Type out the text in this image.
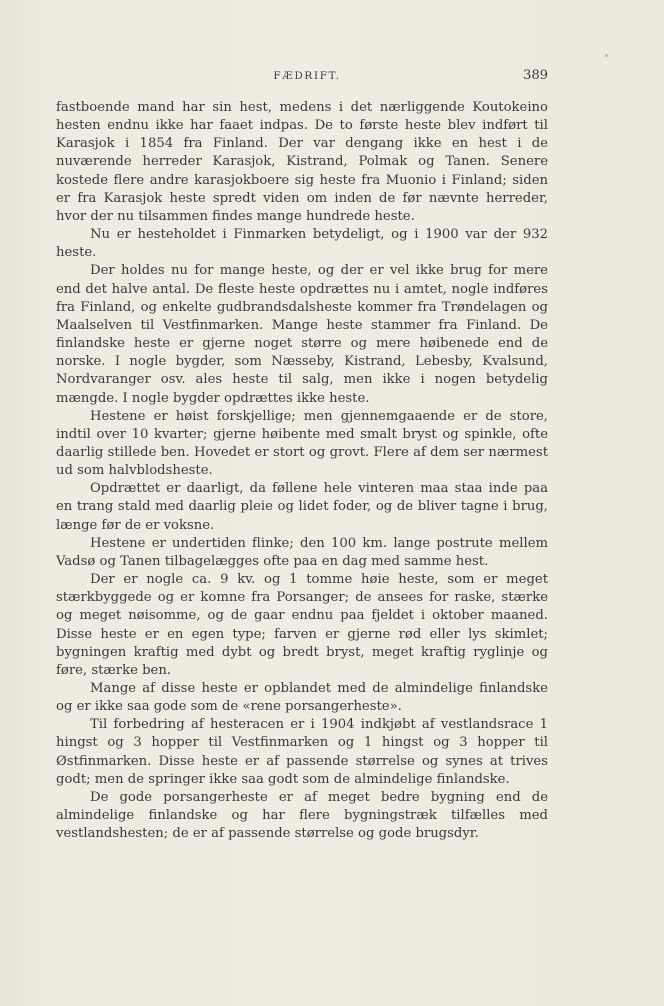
FÆDRIFT.	389

fastboende mand har sin hest, medens i det nærliggende Koutokeino hesten endnu ikke har faaet indpas. De to første heste blev indført til Karasjok i 1854 fra Finland. Der var dengang ikke en hest i de nuværende herreder Karasjok, Kistrand, Polmak og Tanen. Senere kostede flere andre karasjokboere sig heste fra Muonio i Finland; siden er fra Karasjok heste spredt viden om inden de før nævnte herreder, hvor der nu tilsammen findes mange hundrede heste.

Nu er hesteholdet i Finmarken betydeligt, og i 1900 var der 932 heste.

Der holdes nu for mange heste, og der er vel ikke brug for mere end det halve antal. De fleste heste opdrættes nu i amtet, nogle indføres fra Finland, og enkelte gudbrandsdalsheste kommer fra Trøndelagen og Maalselven til Vestfinmarken. Mange heste stammer fra Finland. De finlandske heste er gjerne noget større og mere høibenede end de norske. I nogle bygder, som Næsseby, Kistrand, Lebesby, Kvalsund, Nordvaranger osv. ales heste til salg, men ikke i nogen betydelig mængde. I nogle bygder opdrættes ikke heste.

Hestene er høist forskjellige; men gjennemgaaende er de store, indtil over 10 kvarter; gjerne høibente med smalt bryst og spinkle, ofte daarlig stillede ben. Hovedet er stort og grovt. Flere af dem ser nærmest ud som halvblodsheste.

Opdrættet er daarligt, da føllene hele vinteren maa staa inde paa en trang stald med daarlig pleie og lidet foder, og de bliver tagne i brug, længe før de er voksne.

Hestene er undertiden flinke; den 100 km. lange postrute mellem Vadsø og Tanen tilbagelægges ofte paa en dag med samme hest.

Der er nogle ca. 9 kv. og 1 tomme høie heste, som er meget stærkbyggede og er komne fra Porsanger; de ansees for raske, stærke og meget nøisomme, og de gaar endnu paa fjeldet i oktober maaned. Disse heste er en egen type; farven er gjerne rød eller lys skimlet; bygningen kraftig med dybt og bredt bryst, meget kraftig ryglinje og føre, stærke ben.

Mange af disse heste er opblandet med de almindelige finlandske og er ikke saa gode som de «rene porsangerheste».

Til forbedring af hesteracen er i 1904 indkjøbt af vestlandsrace 1 hingst og 3 hopper til Vestfinmarken og 1 hingst og 3 hopper til Østfinmarken. Disse heste er af passende størrelse og synes at trives godt; men de springer ikke saa godt som de almindelige finlandske.

De gode porsangerheste er af meget bedre bygning end de almindelige finlandske og har flere bygningstræk tilfælles med vestlandshesten; de er af passende størrelse og gode brugsdyr.
